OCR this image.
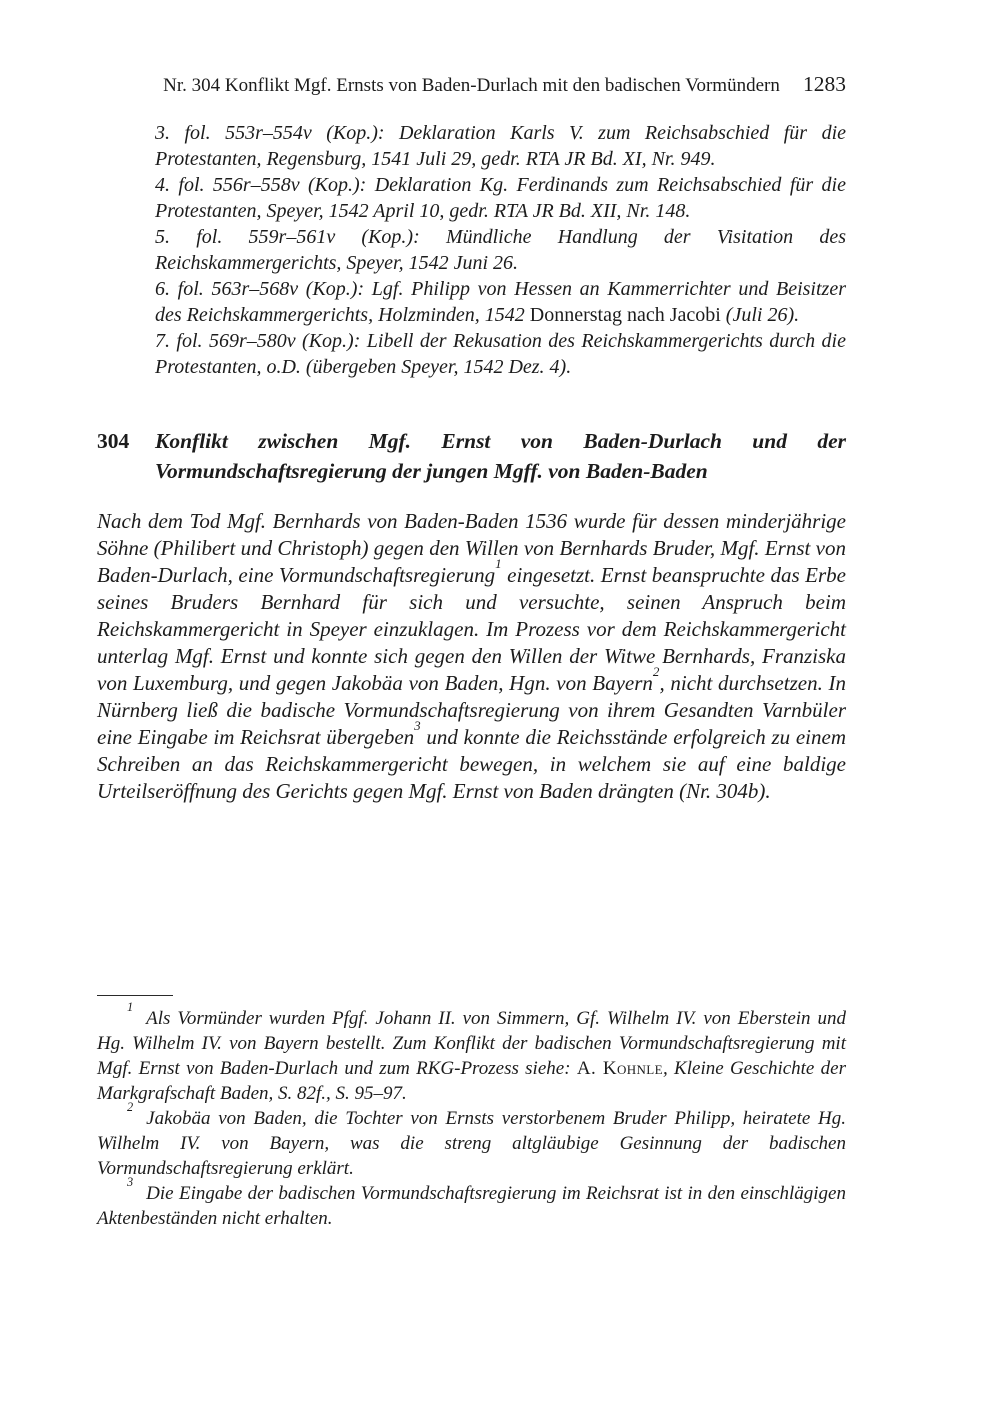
Nr. 304 Konflikt Mgf. Ernsts von Baden-Durlach mit den badischen Vormündern 1283

3. fol. 553r–554v (Kop.): Deklaration Karls V. zum Reichsabschied für die Protestanten, Regensburg, 1541 Juli 29, gedr. RTA JR Bd. XI, Nr. 949.

4. fol. 556r–558v (Kop.): Deklaration Kg. Ferdinands zum Reichsabschied für die Protestanten, Speyer, 1542 April 10, gedr. RTA JR Bd. XII, Nr. 148.

5. fol. 559r–561v (Kop.): Mündliche Handlung der Visitation des Reichskammergerichts, Speyer, 1542 Juni 26.

6. fol. 563r–568v (Kop.): Lgf. Philipp von Hessen an Kammerrichter und Beisitzer des Reichskammergerichts, Holzminden, 1542 Donnerstag nach Jacobi (Juli 26).

7. fol. 569r–580v (Kop.): Libell der Rekusation des Reichskammergerichts durch die Protestanten, o.D. (übergeben Speyer, 1542 Dez. 4).

304	Konflikt zwischen Mgf. Ernst von Baden-Durlach und der Vormundschaftsregierung der jungen Mgff. von Baden-Baden

Nach dem Tod Mgf. Bernhards von Baden-Baden 1536 wurde für dessen minderjährige Söhne (Philibert und Christoph) gegen den Willen von Bernhards Bruder, Mgf. Ernst von Baden-Durlach, eine Vormundschaftsregierung$^1$ eingesetzt. Ernst beanspruchte das Erbe seines Bruders Bernhard für sich und versuchte, seinen Anspruch beim Reichskammergericht in Speyer einzuklagen. Im Prozess vor dem Reichskammergericht unterlag Mgf. Ernst und konnte sich gegen den Willen der Witwe Bernhards, Franziska von Luxemburg, und gegen Jakobäa von Baden, Hgn. von Bayern$^2$, nicht durchsetzen. In Nürnberg ließ die badische Vormundschaftsregierung von ihrem Gesandten Varnbüler eine Eingabe im Reichsrat übergeben$^3$ und konnte die Reichsstände erfolgreich zu einem Schreiben an das Reichskammergericht bewegen, in welchem sie auf eine baldige Urteilseröffnung des Gerichts gegen Mgf. Ernst von Baden drängten (Nr. 304b).

$^1$Als Vormünder wurden Pfgf. Johann II. von Simmern, Gf. Wilhelm IV. von Eberstein und Hg. Wilhelm IV. von Bayern bestellt. Zum Konflikt der badischen Vormundschaftsregierung mit Mgf. Ernst von Baden-Durlach und zum RKG-Prozess siehe: A. Kohnle, Kleine Geschichte der Markgrafschaft Baden, S. 82f., S. 95–97.

$^2$Jakobäa von Baden, die Tochter von Ernsts verstorbenem Bruder Philipp, heiratete Hg. Wilhelm IV. von Bayern, was die streng altgläubige Gesinnung der badischen Vormundschaftsregierung erklärt.

$^3$Die Eingabe der badischen Vormundschaftsregierung im Reichsrat ist in den einschlägigen Aktenbeständen nicht erhalten.
